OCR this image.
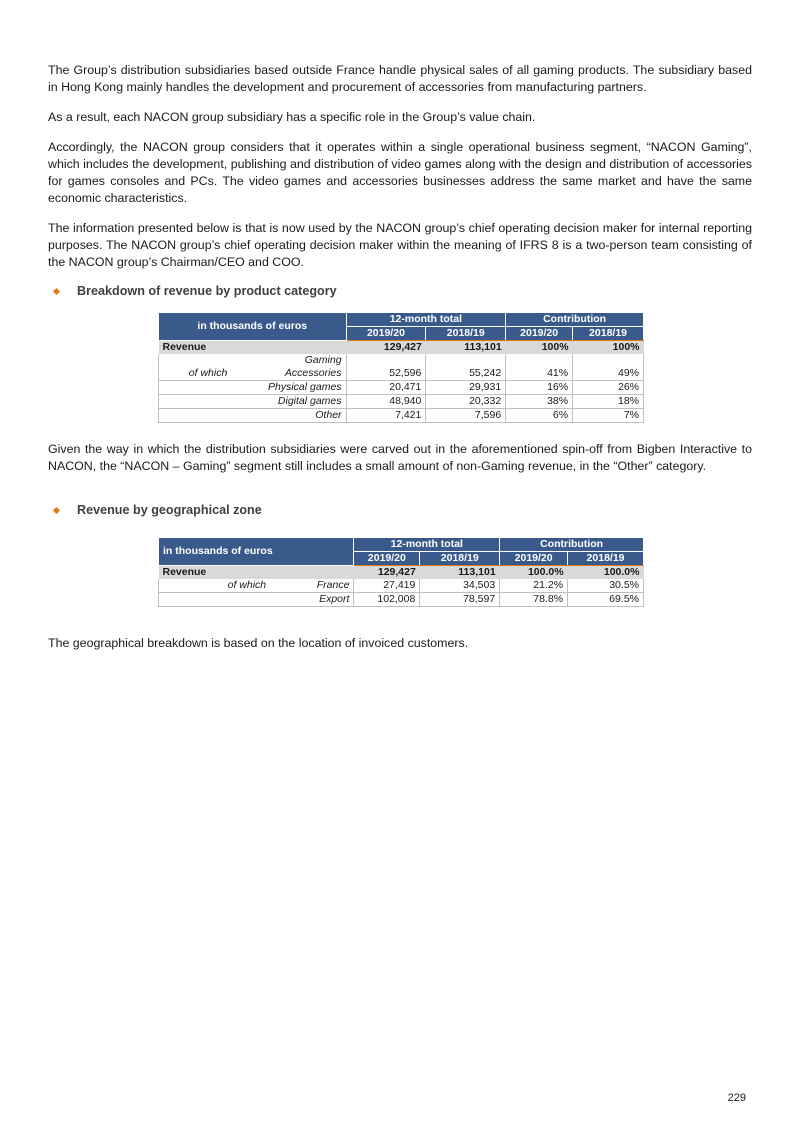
The Group’s distribution subsidiaries based outside France handle physical sales of all gaming products. The subsidiary based in Hong Kong mainly handles the development and procurement of accessories from manufacturing partners.

As a result, each NACON group subsidiary has a specific role in the Group’s value chain.

Accordingly, the NACON group considers that it operates within a single operational business segment, “NACON Gaming”, which includes the development, publishing and distribution of video games along with the design and distribution of accessories for games consoles and PCs. The video games and accessories businesses address the same market and have the same economic characteristics.

The information presented below is that is now used by the NACON group’s chief operating decision maker for internal reporting purposes. The NACON group’s chief operating decision maker within the meaning of IFRS 8 is a two-person team consisting of the NACON group’s Chairman/CEO and COO.

Breakdown of revenue by product category
in thousands of euros		12-month total		Contribution	
		2019/20	2018/19	2019/20	2018/19
Revenue		129,427	113,101	100%	100%
	Gaming				
of which	Accessories	52,596	55,242	41%	49%
	Physical games	20,471	29,931	16%	26%
	Digital games	48,940	20,332	38%	18%
	Other	7,421	7,596	6%	7%

Given the way in which the distribution subsidiaries were carved out in the aforementioned spin-off from Bigben Interactive to NACON, the “NACON – Gaming” segment still includes a small amount of non-Gaming revenue, in the “Other” category.

Revenue by geographical zone
in thousands of euros		12-month total		Contribution	
		2019/20	2018/19	2019/20	2018/19
Revenue		129,427	113,101	100.0%	100.0%
of which	France	27,419	34,503	21.2%	30.5%
	Export	102,008	78,597	78.8%	69.5%

The geographical breakdown is based on the location of invoiced customers.

229
